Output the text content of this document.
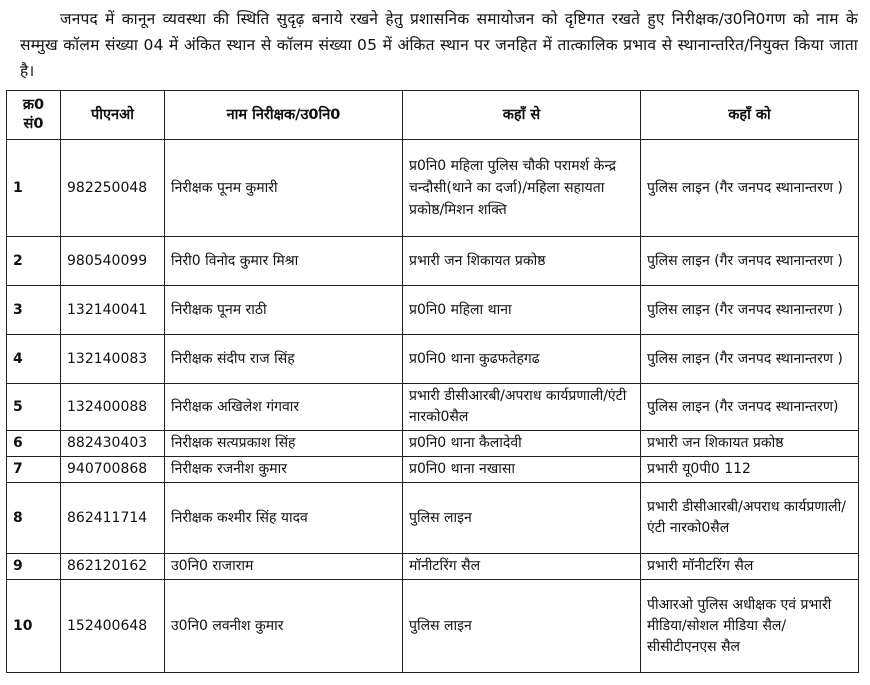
जनपद में कानून व्यवस्था की स्थिति सुदृढ़ बनाये रखने हेतु प्रशासनिक समायोजन को दृष्टिगत रखते हुए निरीक्षक/उ0नि0गण को नाम के सम्मुख कॉलम संख्या 04 में अंकित स्थान से कॉलम संख्या 05 में अंकित स्थान पर जनहित में तात्कालिक प्रभाव से स्थानान्तरित/नियुक्त किया जाता है।

क्र0 सं0	पीएनओ	नाम निरीक्षक/उ0नि0	कहाँ से	कहाँ को
1	982250048	निरीक्षक पूनम कुमारी	प्र0नि0 महिला पुलिस चौकी परामर्श केन्द्र चन्दौसी(थाने का दर्जा)/महिला सहायता प्रकोष्ठ/मिशन शक्ति	पुलिस लाइन (गैर जनपद स्थानान्तरण )
2	980540099	निरी0 विनोद कुमार मिश्रा	प्रभारी जन शिकायत प्रकोष्ठ	पुलिस लाइन (गैर जनपद स्थानान्तरण )
3	132140041	निरीक्षक पूनम राठी	प्र0नि0 महिला थाना	पुलिस लाइन (गैर जनपद स्थानान्तरण )
4	132140083	निरीक्षक संदीप राज सिंह	प्र0नि0 थाना कुढफतेहगढ	पुलिस लाइन (गैर जनपद स्थानान्तरण )
5	132400088	निरीक्षक अखिलेश गंगवार	प्रभारी डीसीआरबी/अपराध कार्यप्रणाली/एंटी नारको0सैल	पुलिस लाइन (गैर जनपद स्थानान्तरण)
6	882430403	निरीक्षक सत्यप्रकाश सिंह	प्र0नि0 थाना कैलादेवी	प्रभारी जन शिकायत प्रकोष्ठ
7	940700868	निरीक्षक रजनीश कुमार	प्र0नि0 थाना नखासा	प्रभारी यू0पी0 112
8	862411714	निरीक्षक कश्मीर सिंह यादव	पुलिस लाइन	प्रभारी डीसीआरबी/अपराध कार्यप्रणाली/एंटी नारको0सैल
9	862120162	उ0नि0 राजाराम	मॉनीटरिंग सैल	प्रभारी मॉनीटरिंग सैल
10	152400648	उ0नि0 लवनीश कुमार	पुलिस लाइन	पीआरओ पुलिस अधीक्षक एवं प्रभारी मीडिया/सोशल मीडिया सैल/सीसीटीएनएस सैल
